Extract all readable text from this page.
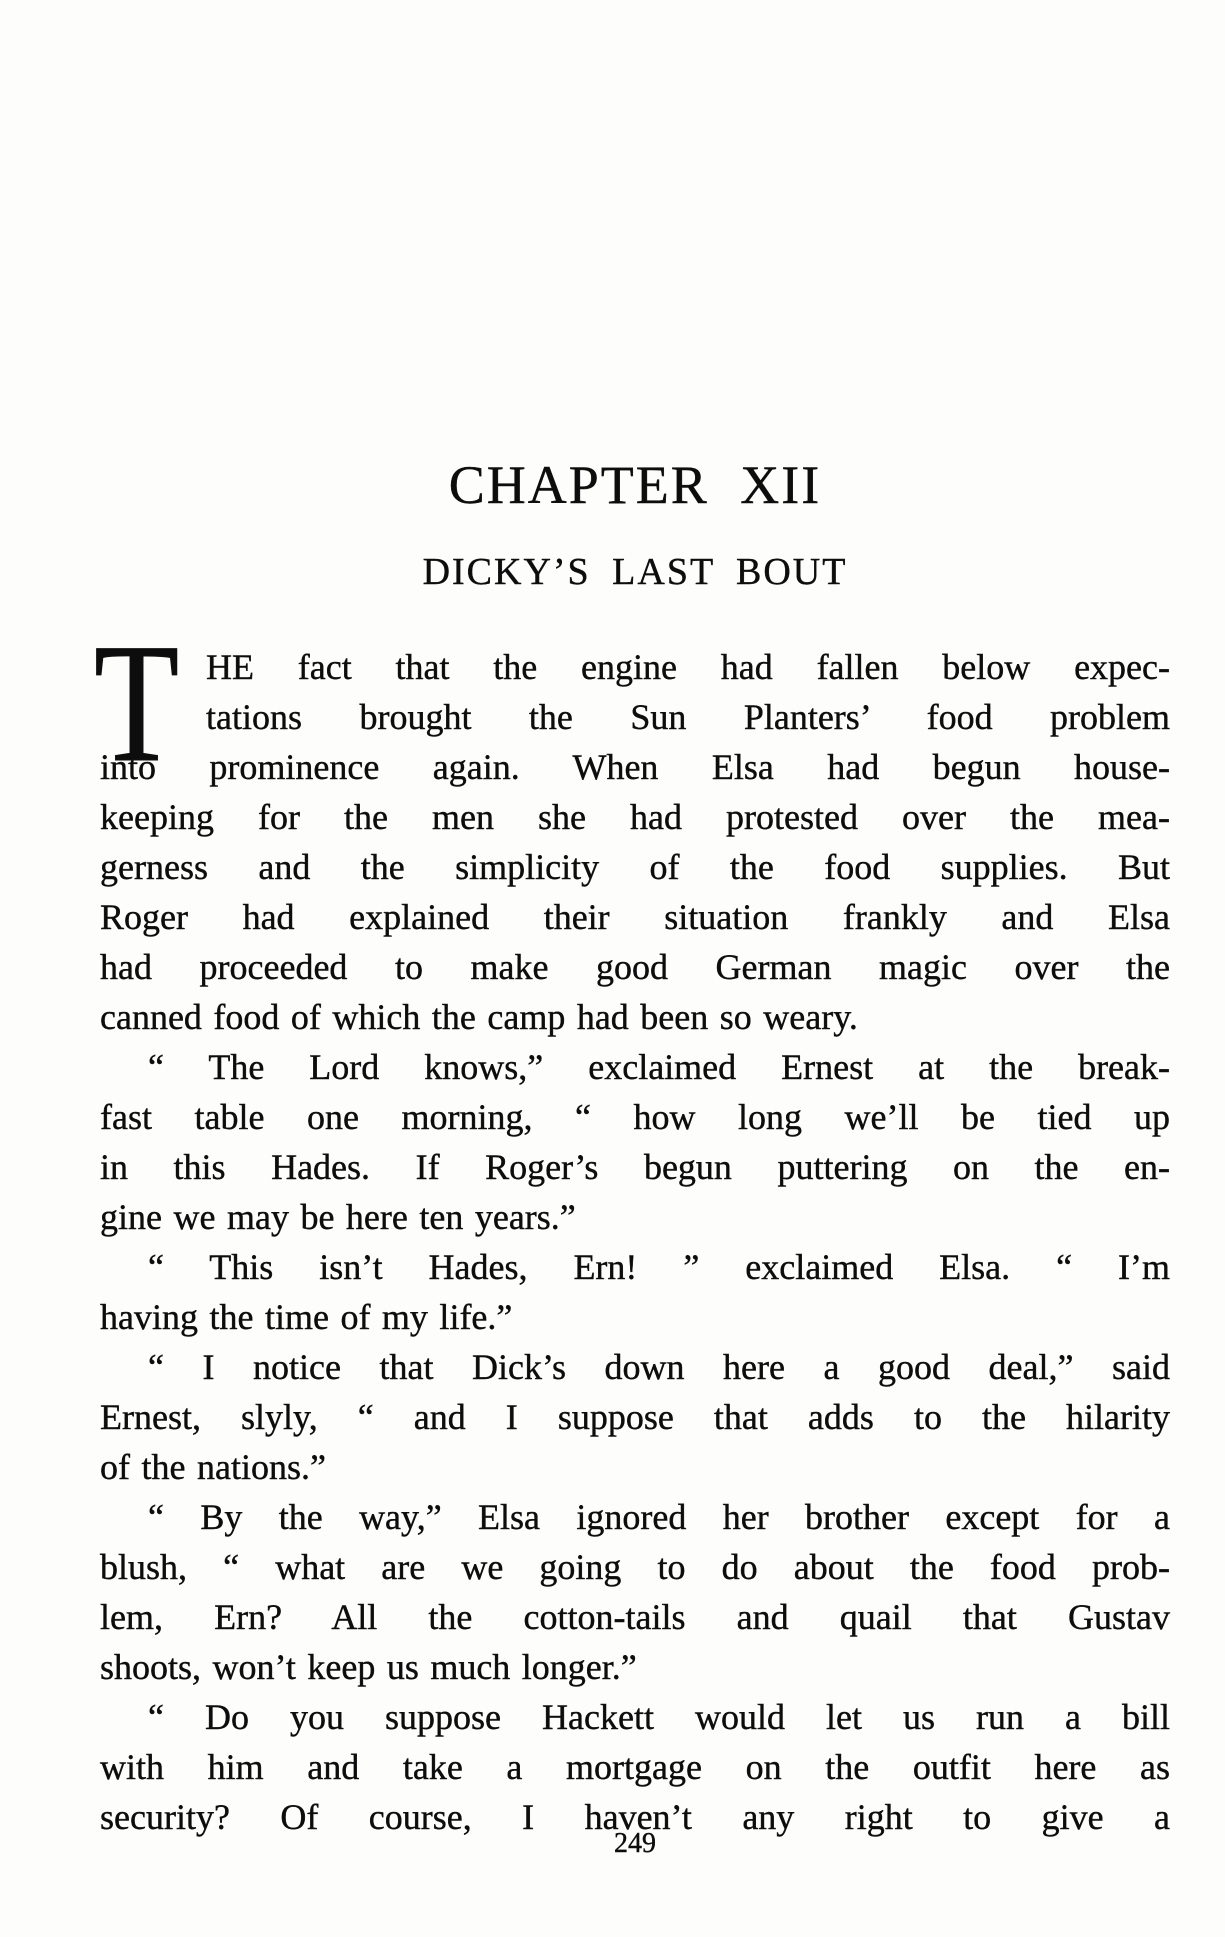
CHAPTER XII
DICKY’S LAST BOUT
T HE fact that the engine had fallen below expec-
tations brought the Sun Planters’ food problem
into prominence again. When Elsa had begun house-
keeping for the men she had protested over the mea-
gerness and the simplicity of the food supplies. But
Roger had explained their situation frankly and Elsa
had proceeded to make good German magic over the
canned food of which the camp had been so weary.
“ The Lord knows,” exclaimed Ernest at the break-
fast table one morning, “ how long we’ll be tied up
in this Hades. If Roger’s begun puttering on the en-
gine we may be here ten years.”
“ This isn’t Hades, Ern! ” exclaimed Elsa. “ I’m
having the time of my life.”
“ I notice that Dick’s down here a good deal,” said
Ernest, slyly, “ and I suppose that adds to the hilarity
of the nations.”
“ By the way,” Elsa ignored her brother except for a
blush, “ what are we going to do about the food prob-
lem, Ern? All the cotton-tails and quail that Gustav
shoots, won’t keep us much longer.”
“ Do you suppose Hackett would let us run a bill
with him and take a mortgage on the outfit here as
security? Of course, I haven’t any right to give a
249
